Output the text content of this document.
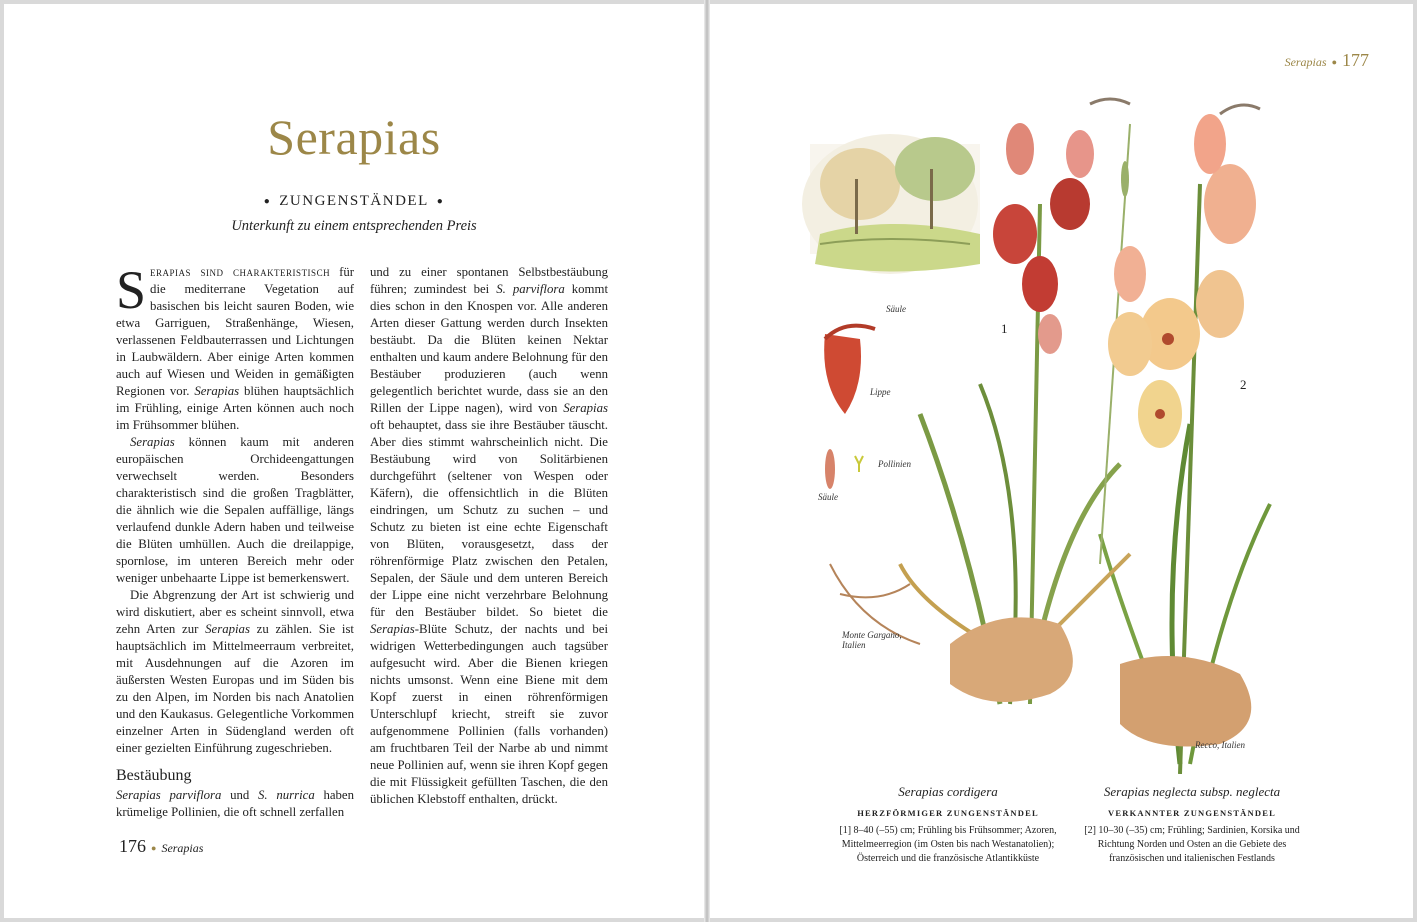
Serapias
● ZUNGENSTÄNDEL ●
Unterkunft zu einem entsprechenden Preis

Serapias sind charakteristisch für die mediterrane Vegetation auf basischen bis leicht sauren Boden, wie etwa Garriguen, Straßenhänge, Wiesen, verlassenen Feldbauterrassen und Lichtungen in Laubwäldern. Aber einige Arten kommen auch auf Wiesen und Weiden in gemäßigten Regionen vor. Serapias blühen hauptsächlich im Frühling, einige Arten können auch noch im Frühsommer blühen.

Serapias können kaum mit anderen europäischen Orchideengattungen verwechselt werden. Besonders charakteristisch sind die großen Tragblätter, die ähnlich wie die Sepalen auffällige, längs verlaufend dunkle Adern haben und teilweise die Blüten umhüllen. Auch die dreilappige, spornlose, im unteren Bereich mehr oder weniger unbehaarte Lippe ist bemerkenswert.

Die Abgrenzung der Art ist schwierig und wird diskutiert, aber es scheint sinnvoll, etwa zehn Arten zur Serapias zu zählen. Sie ist hauptsächlich im Mittelmeerraum verbreitet, mit Ausdehnungen auf die Azoren im äußersten Westen Europas und im Süden bis zu den Alpen, im Norden bis nach Anatolien und den Kaukasus. Gelegentliche Vorkommen einzelner Arten in Südengland werden oft einer gezielten Einführung zugeschrieben.

Bestäubung

Serapias parviflora und S. nurrica haben krümelige Pollinien, die oft schnell zerfallen

und zu einer spontanen Selbstbestäubung führen; zumindest bei S. parviflora kommt dies schon in den Knospen vor. Alle anderen Arten dieser Gattung werden durch Insekten bestäubt. Da die Blüten keinen Nektar enthalten und kaum andere Belohnung für den Bestäuber produzieren (auch wenn gelegentlich berichtet wurde, dass sie an den Rillen der Lippe nagen), wird von Serapias oft behauptet, dass sie ihre Bestäuber täuscht. Aber dies stimmt wahrscheinlich nicht. Die Bestäubung wird von Solitärbienen durchgeführt (seltener von Wespen oder Käfern), die offensichtlich in die Blüten eindringen, um Schutz zu suchen – und Schutz zu bieten ist eine echte Eigenschaft von Blüten, vorausgesetzt, dass der röhrenförmige Platz zwischen den Petalen, Sepalen, der Säule und dem unteren Bereich der Lippe eine nicht verzehrbare Belohnung für den Bestäuber bildet. So bietet die Serapias-Blüte Schutz, der nachts und bei widrigen Wetterbedingungen auch tagsüber aufgesucht wird. Aber die Bienen kriegen nichts umsonst. Wenn eine Biene mit dem Kopf zuerst in einen röhrenförmigen Unterschlupf kriecht, streift sie zuvor aufgenommene Pollinien (falls vorhanden) am fruchtbaren Teil der Narbe ab und nimmt neue Pollinien auf, wenn sie ihren Kopf gegen die mit Flüssigkeit gefüllten Taschen, die den üblichen Klebstoff enthalten, drückt.

176 ● Serapias
Serapias ● 177
Säule
Lippe
Pollinien
Säule
1
2
Monte Gargano,
Italien
Recco, Italien
Serapias cordigera
HERZFÖRMIGER ZUNGENSTÄNDEL
[1] 8–40 (–55) cm; Frühling bis Frühsommer; Azoren, Mittelmeerregion (im Osten bis nach Westanatolien); Österreich und die französische Atlantikküste
Serapias neglecta subsp. neglecta
VERKANNTER ZUNGENSTÄNDEL
[2] 10–30 (–35) cm; Frühling; Sardinien, Korsika und Richtung Norden und Osten an die Gebiete des französischen und italienischen Festlands
